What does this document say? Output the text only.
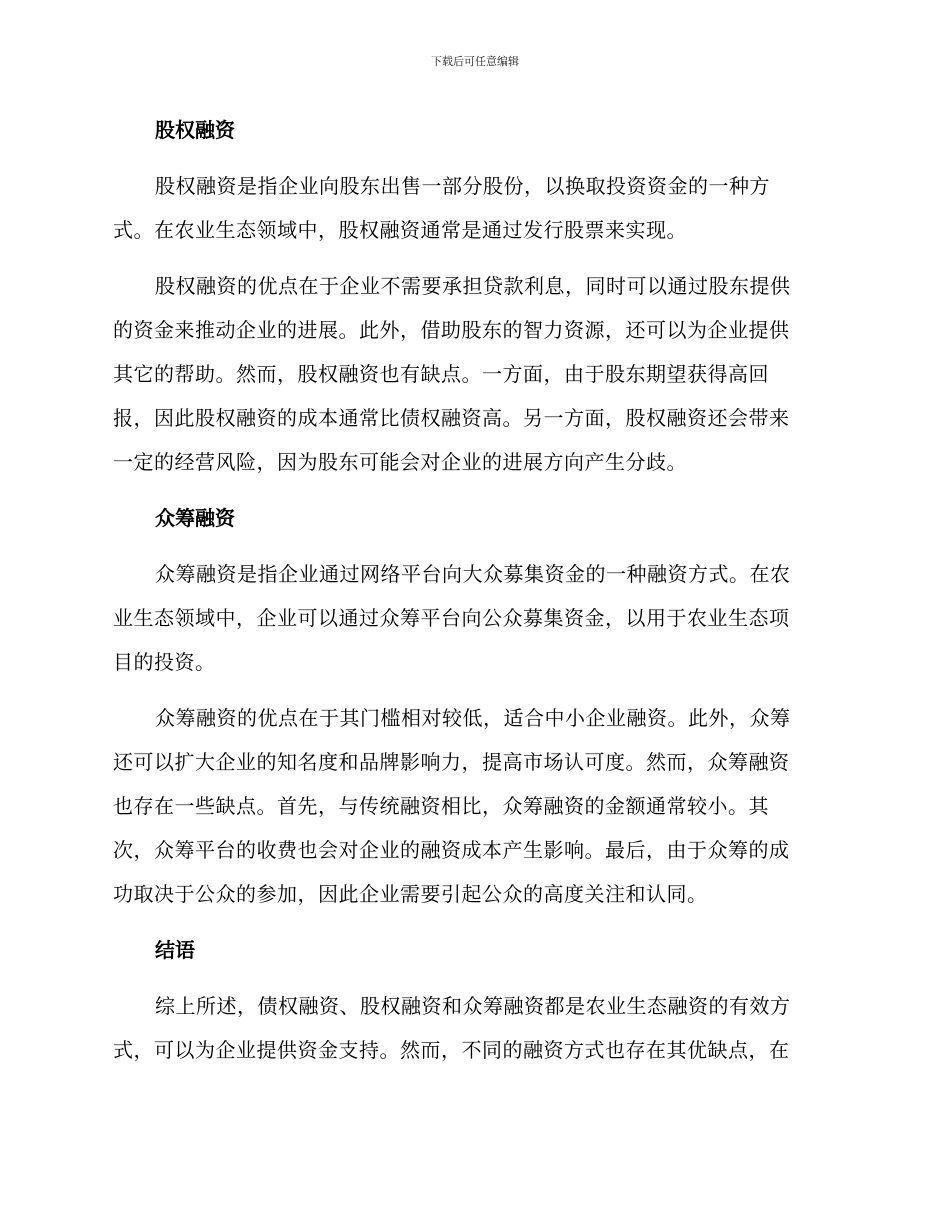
下载后可任意编辑
股权融资

股权融资是指企业向股东出售一部分股份，以换取投资资金的一种方
式。在农业生态领域中，股权融资通常是通过发行股票来实现。

股权融资的优点在于企业不需要承担贷款利息，同时可以通过股东提供
的资金来推动企业的进展。此外，借助股东的智力资源，还可以为企业提供
其它的帮助。然而，股权融资也有缺点。一方面，由于股东期望获得高回
报，因此股权融资的成本通常比债权融资高。另一方面，股权融资还会带来
一定的经营风险，因为股东可能会对企业的进展方向产生分歧。

众筹融资

众筹融资是指企业通过网络平台向大众募集资金的一种融资方式。在农
业生态领域中，企业可以通过众筹平台向公众募集资金，以用于农业生态项
目的投资。

众筹融资的优点在于其门槛相对较低，适合中小企业融资。此外，众筹
还可以扩大企业的知名度和品牌影响力，提高市场认可度。然而，众筹融资
也存在一些缺点。首先，与传统融资相比，众筹融资的金额通常较小。其
次，众筹平台的收费也会对企业的融资成本产生影响。最后，由于众筹的成
功取决于公众的参加，因此企业需要引起公众的高度关注和认同。

结语

综上所述，债权融资、股权融资和众筹融资都是农业生态融资的有效方
式，可以为企业提供资金支持。然而，不同的融资方式也存在其优缺点，在
